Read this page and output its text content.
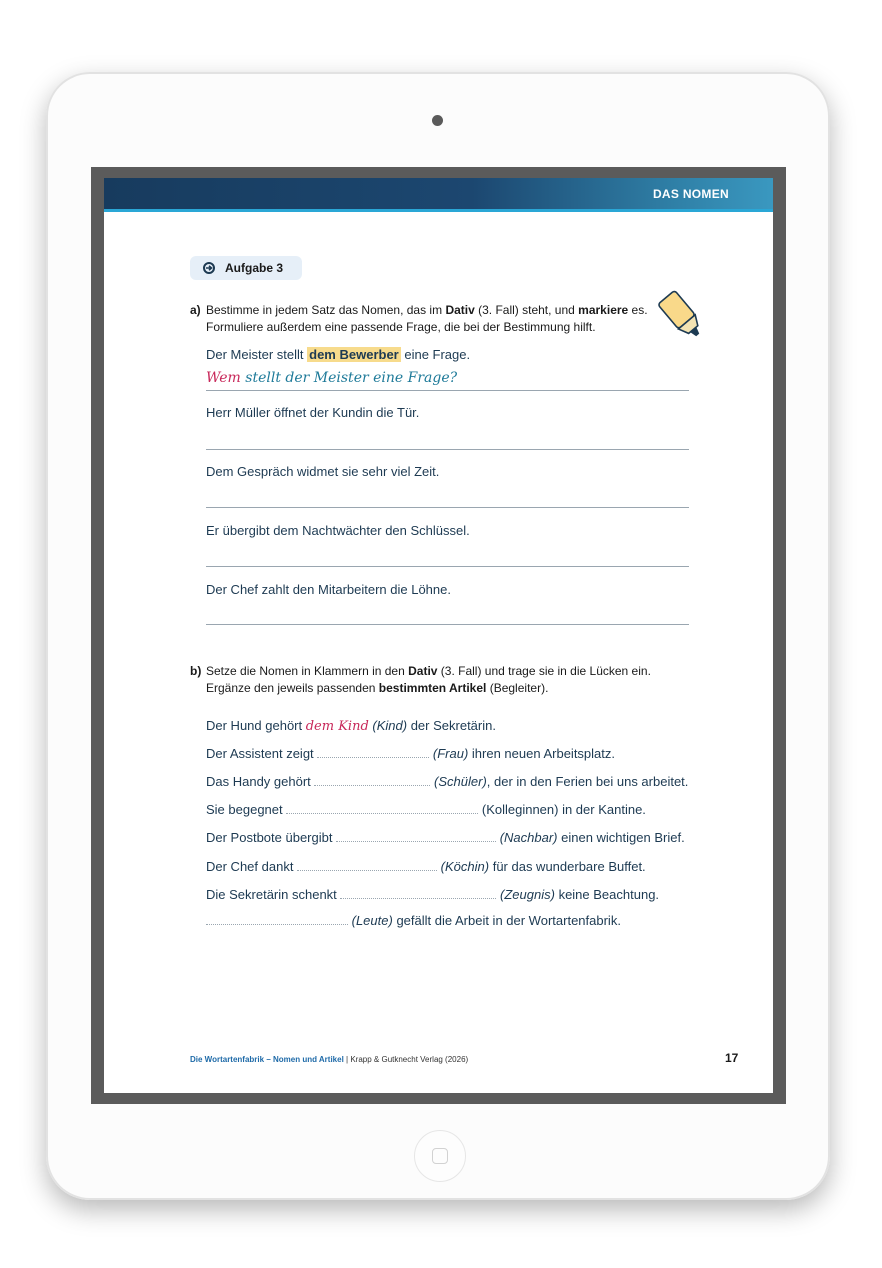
DAS NOMEN
Aufgabe 3
a) Bestimme in jedem Satz das Nomen, das im Dativ (3. Fall) steht, und markiere es.
Formuliere außerdem eine passende Frage, die bei der Bestimmung hilft.
Der Meister stellt dem Bewerber eine Frage.
Wem stellt der Meister eine Frage?
Herr Müller öffnet der Kundin die Tür.
Dem Gespräch widmet sie sehr viel Zeit.
Er übergibt dem Nachtwächter den Schlüssel.
Der Chef zahlt den Mitarbeitern die Löhne.
b) Setze die Nomen in Klammern in den Dativ (3. Fall) und trage sie in die Lücken ein.
Ergänze den jeweils passenden bestimmten Artikel (Begleiter).
Der Hund gehört dem Kind (Kind) der Sekretärin.
Der Assistent zeigt	(Frau) ihren neuen Arbeitsplatz.
Das Handy gehört	(Schüler), der in den Ferien bei uns arbeitet.
Sie begegnet	(Kolleginnen) in der Kantine.
Der Postbote übergibt	(Nachbar) einen wichtigen Brief.
Der Chef dankt	(Köchin) für das wunderbare Buffet.
Die Sekretärin schenkt	(Zeugnis) keine Beachtung.
(Leute) gefällt die Arbeit in der Wortartenfabrik.
Die Wortartenfabrik – Nomen und Artikel | Krapp & Gutknecht Verlag (2026)	17
